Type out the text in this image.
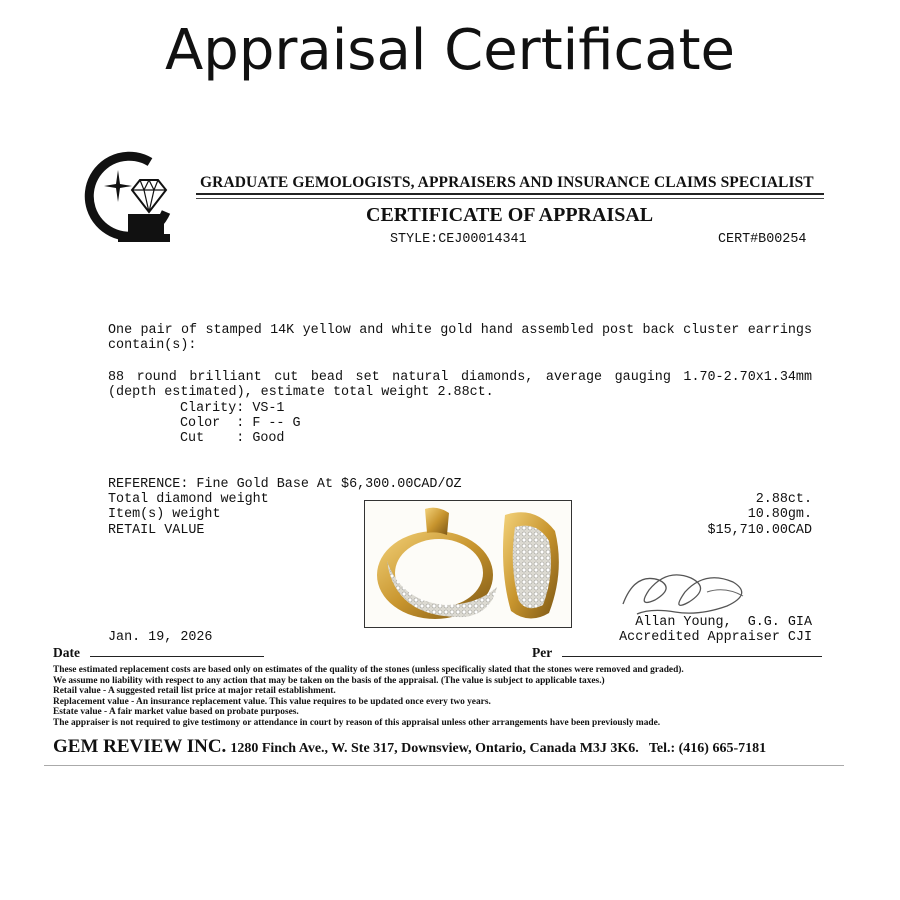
Appraisal Certificate
GRADUATE GEMOLOGISTS, APPRAISERS AND INSURANCE CLAIMS SPECIALIST
CERTIFICATE OF APPRAISAL
STYLE:CEJ00014341	CERT#B00254
One pair of stamped 14K yellow and white gold hand assembled post back cluster earrings contain(s):
88 round brilliant cut bead set natural diamonds, average gauging 1.70-2.70x1.34mm (depth estimated), estimate total weight 2.88ct.
Clarity: VS-1
Color  : F -- G
Cut    : Good
REFERENCE: Fine Gold Base At $6,300.00CAD/OZ
Total diamond weight
Item(s) weight
RETAIL VALUE
2.88ct.
10.80gm.
$15,710.00CAD
Allan Young,  G.G. GIA
Accredited Appraiser CJI
Jan. 19, 2026
Date	Per
These estimated replacement costs are based only on estimates of the quality of the stones (unless specificaliy slated that the stones were removed and graded).
We assume no liability with respect to any action that may be taken on the basis of the appraisal. (The value is subject to applicable taxes.)
Retail value - A suggested retail list price at major retail establishment.
Replacement value - An insurance replacement value. This value requires to be updated once every two years.
Estate value - A fair market value based on probate purposes.
The appraiser is not required to give testimony or attendance in court by reason of this appraisal unless other arrangements have been previously made.
GEM REVIEW INC. 1280 Finch Ave., W. Ste 317, Downsview, Ontario, Canada M3J 3K6. Tel.: (416) 665-7181
